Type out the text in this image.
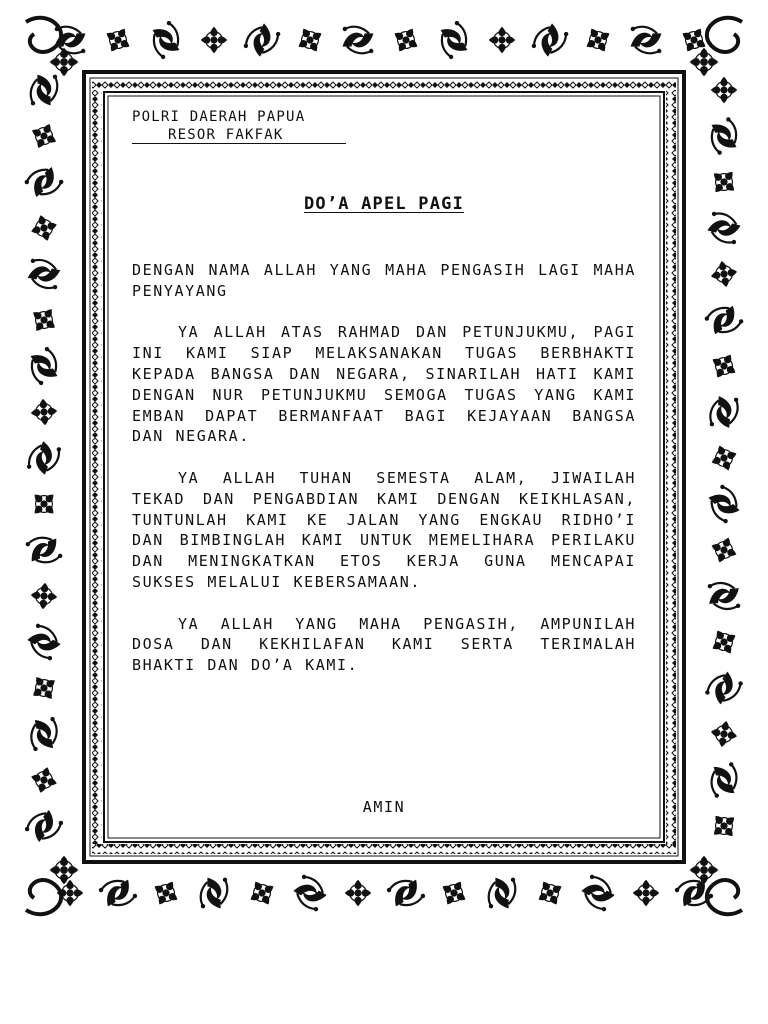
POLRI DAERAH PAPUA
RESOR FAKFAK
DO’A APEL PAGI

DENGAN NAMA ALLAH YANG MAHA PENGASIH LAGI MAHA PENYAYANG

YA ALLAH ATAS RAHMAD DAN PETUNJUKMU, PAGI INI KAMI SIAP MELAKSANAKAN TUGAS BERBHAKTI KEPADA BANGSA DAN NEGARA, SINARILAH HATI KAMI DENGAN NUR PETUNJUKMU SEMOGA TUGAS YANG KAMI EMBAN DAPAT BERMANFAAT BAGI KEJAYAAN BANGSA DAN NEGARA.

YA ALLAH TUHAN SEMESTA ALAM, JIWAILAH TEKAD DAN PENGABDIAN KAMI DENGAN KEIKHLASAN, TUNTUNLAH KAMI KE JALAN YANG ENGKAU RIDHO’I DAN BIMBINGLAH KAMI UNTUK MEMELIHARA PERILAKU DAN MENINGKATKAN ETOS KERJA GUNA MENCAPAI SUKSES MELALUI KEBERSAMAAN.

YA ALLAH YANG MAHA PENGASIH, AMPUNILAH DOSA DAN KEKHILAFAN KAMI SERTA TERIMALAH BHAKTI DAN DO’A KAMI.

AMIN
